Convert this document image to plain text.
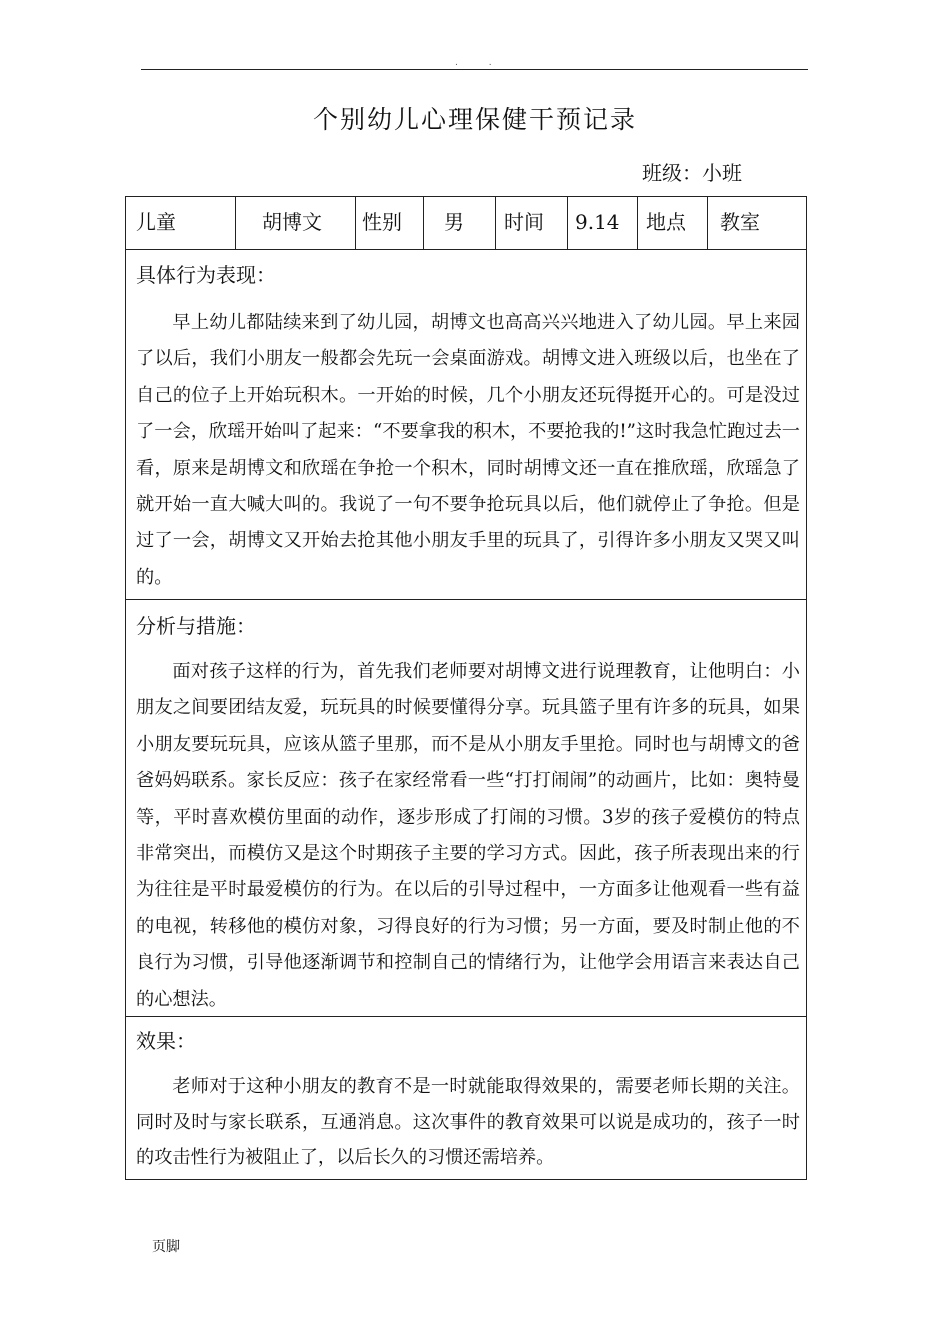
. .
个别幼儿心理保健干预记录
班级：小班
儿童	胡博文	性别	男	时间	9.14	地点	教室
具体行为表现：

早上幼儿都陆续来到了幼儿园，胡博文也高高兴兴地进入了幼儿园。早上来园了以后，我们小朋友一般都会先玩一会桌面游戏。胡博文进入班级以后，也坐在了自己的位子上开始玩积木。一开始的时候，几个小朋友还玩得挺开心的。可是没过了一会，欣瑶开始叫了起来：“不要拿我的积木，不要抢我的!”这时我急忙跑过去一看，原来是胡博文和欣瑶在争抢一个积木，同时胡博文还一直在推欣瑶，欣瑶急了就开始一直大喊大叫的。我说了一句不要争抢玩具以后，他们就停止了争抢。但是过了一会，胡博文又开始去抢其他小朋友手里的玩具了，引得许多小朋友又哭又叫的。

分析与措施：

面对孩子这样的行为，首先我们老师要对胡博文进行说理教育，让他明白：小朋友之间要团结友爱，玩玩具的时候要懂得分享。玩具篮子里有许多的玩具，如果小朋友要玩玩具，应该从篮子里那，而不是从小朋友手里抢。同时也与胡博文的爸爸妈妈联系。家长反应：孩子在家经常看一些“打打闹闹”的动画片，比如：奥特曼等，平时喜欢模仿里面的动作，逐步形成了打闹的习惯。3岁的孩子爱模仿的特点非常突出，而模仿又是这个时期孩子主要的学习方式。因此，孩子所表现出来的行为往往是平时最爱模仿的行为。在以后的引导过程中，一方面多让他观看一些有益的电视，转移他的模仿对象，习得良好的行为习惯；另一方面，要及时制止他的不良行为习惯，引导他逐渐调节和控制自己的情绪行为，让他学会用语言来表达自己的心想法。

效果：

老师对于这种小朋友的教育不是一时就能取得效果的，需要老师长期的关注。同时及时与家长联系，互通消息。这次事件的教育效果可以说是成功的，孩子一时的攻击性行为被阻止了，以后长久的习惯还需培养。

页脚
